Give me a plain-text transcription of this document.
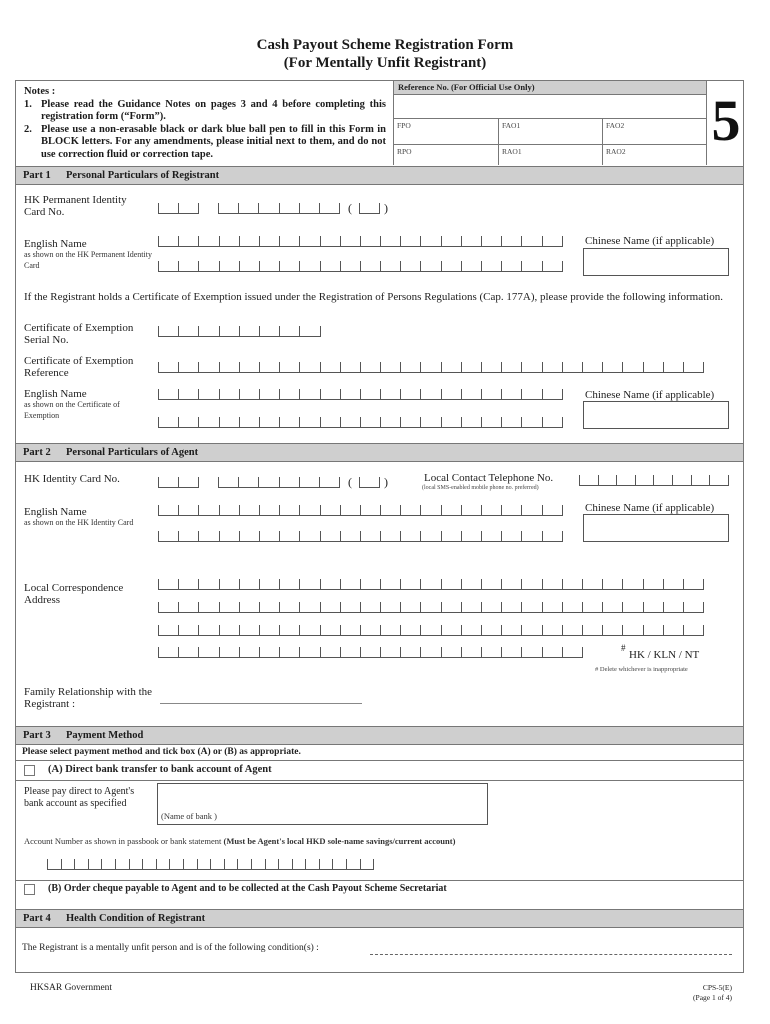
Cash Payout Scheme Registration Form
(For Mentally Unfit Registrant)
Notes :
1. Please read the Guidance Notes on pages 3 and 4 before completing this registration form (“Form”).
2. Please use a non-erasable black or dark blue ball pen to fill in this Form in BLOCK letters. For any amendments, please initial next to them, and do not use correction fluid or correction tape.
Reference No. (For Official Use Only)
FPO	FAO1	FAO2
RPO	RAO1	RAO2	5
Part 1 Personal Particulars of Registrant
HK Permanent Identity Card No.	(	)
English Name
as shown on the HK Permanent Identity Card
Chinese Name (if applicable)
If the Registrant holds a Certificate of Exemption issued under the Registration of Persons Regulations (Cap. 177A), please provide the following information.
Certificate of Exemption Serial No.
Certificate of Exemption Reference
English Name
as shown on the Certificate of Exemption
Chinese Name (if applicable)
Part 2 Personal Particulars of Agent
HK Identity Card No.	(	)	Local Contact Telephone No.
(local SMS-enabled mobile phone no. preferred)
English Name
as shown on the HK Identity Card
Chinese Name (if applicable)
Local Correspondence Address
#
HK / KLN / NT
# Delete whichever is inappropriate
Family Relationship with the Registrant :
Part 3 Payment Method
Please select payment method and tick box (A) or (B) as appropriate.
(A) Direct bank transfer to bank account of Agent
Please pay direct to Agent's bank account as specified
(Name of bank )
Account Number as shown in passbook or bank statement (Must be Agent's local HKD sole-name savings/current account)
(B) Order cheque payable to Agent and to be collected at the Cash Payout Scheme Secretariat
Part 4 Health Condition of Registrant
The Registrant is a mentally unfit person and is of the following condition(s) :
HKSAR Government	CPS-5(E)
(Page 1 of 4)
